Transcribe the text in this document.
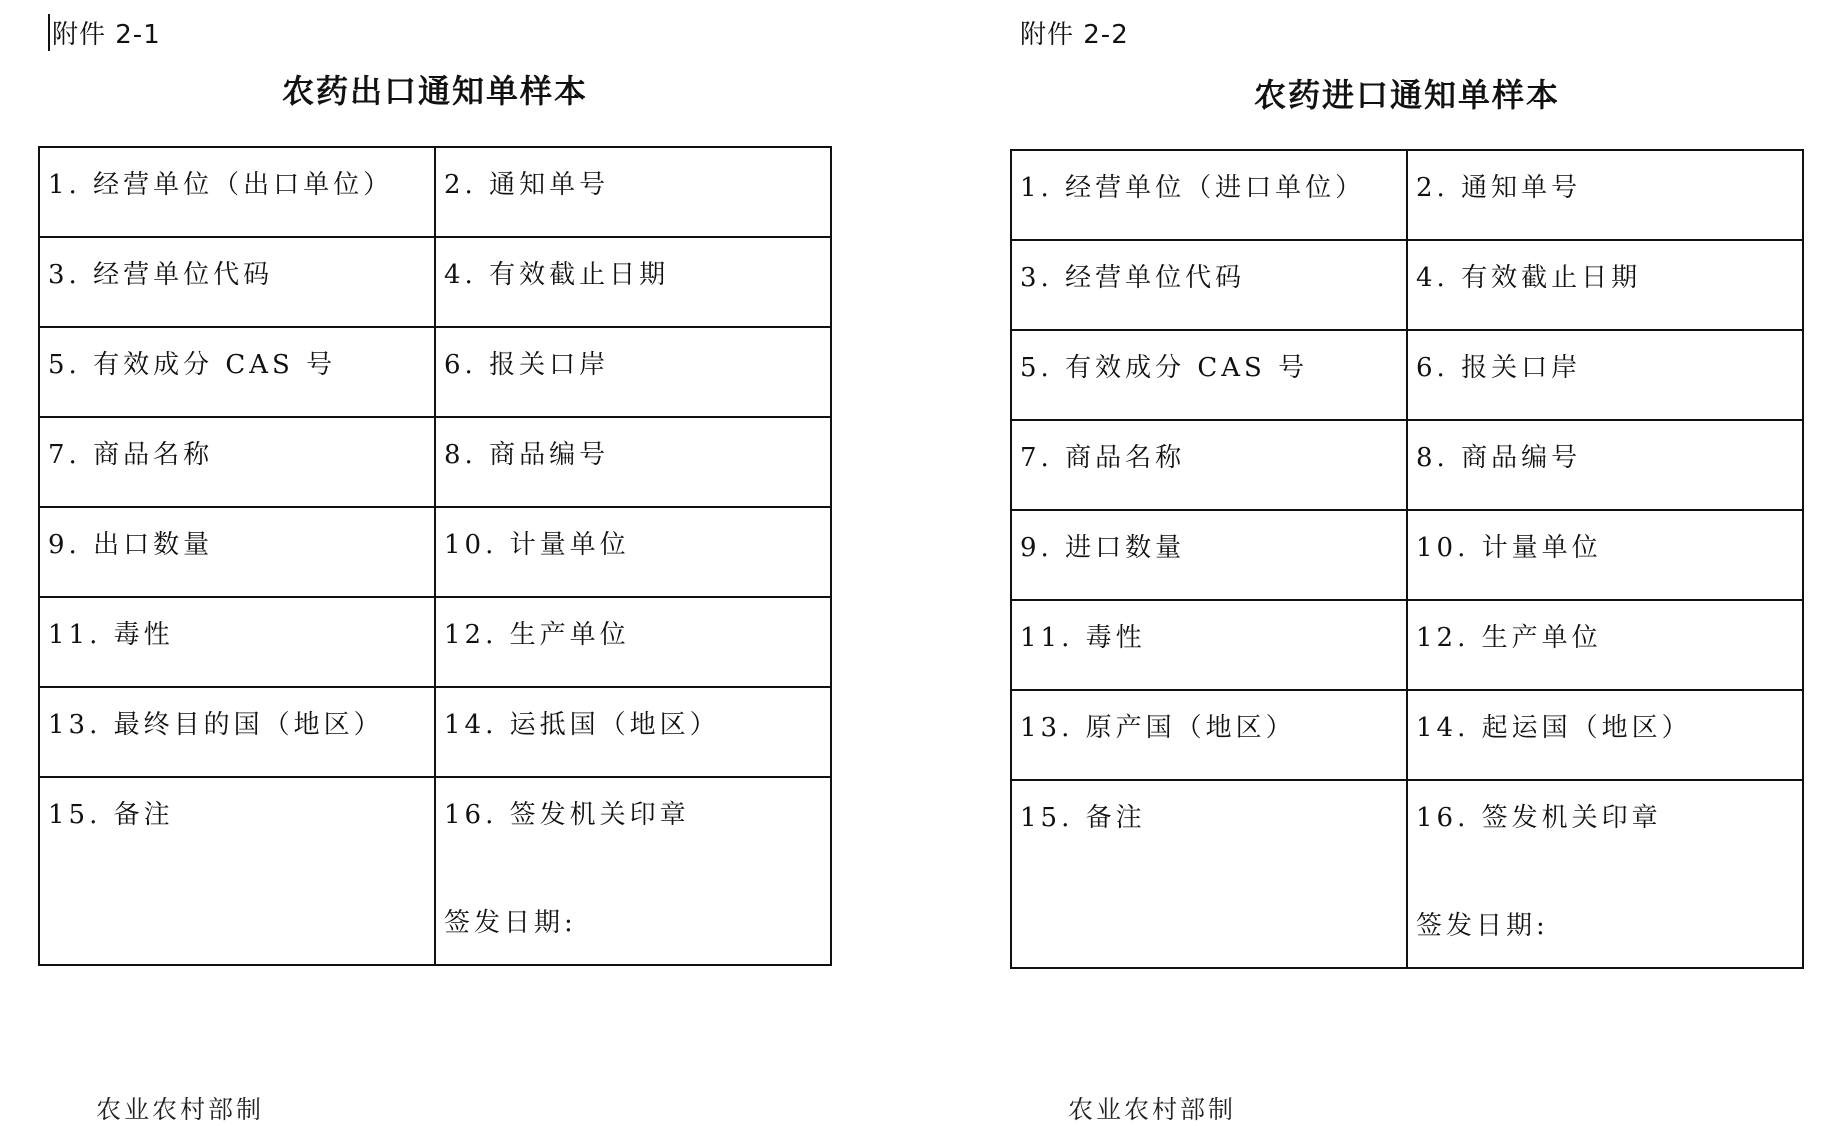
附件 2-1
农药出口通知单样本
1. 经营单位（出口单位）	2. 通知单号
3. 经营单位代码	4. 有效截止日期
5. 有效成分 CAS 号	6. 报关口岸
7. 商品名称	8. 商品编号
9. 出口数量	10. 计量单位
11. 毒性	12. 生产单位
13. 最终目的国（地区）	14. 运抵国（地区）
15. 备注	16. 签发机关印章
签发日期:
农业农村部制
附件 2-2
农药进口通知单样本
1. 经营单位（进口单位）	2. 通知单号
3. 经营单位代码	4. 有效截止日期
5. 有效成分 CAS 号	6. 报关口岸
7. 商品名称	8. 商品编号
9. 进口数量	10. 计量单位
11. 毒性	12. 生产单位
13. 原产国（地区）	14. 起运国（地区）
15. 备注	16. 签发机关印章
签发日期:
农业农村部制
